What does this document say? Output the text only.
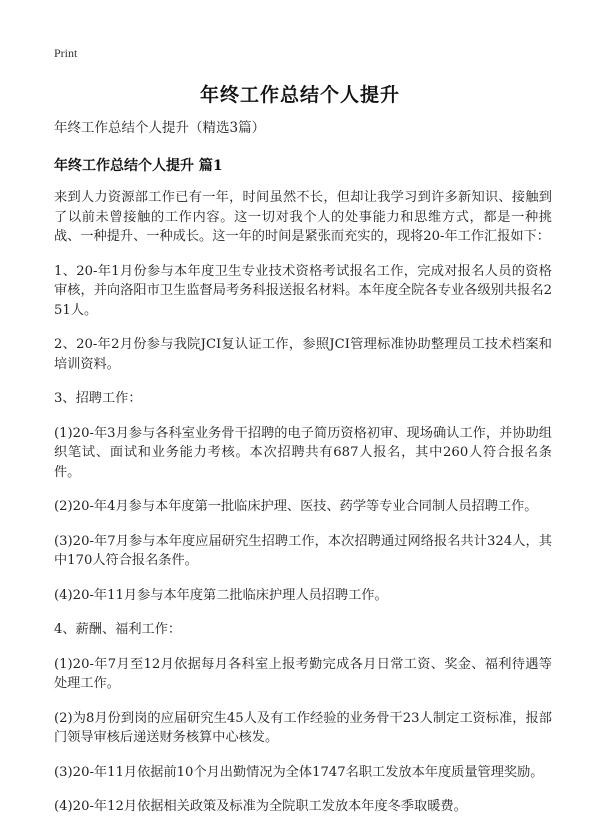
Print
年终工作总结个人提升
年终工作总结个人提升（精选3篇）
年终工作总结个人提升 篇1

来到人力资源部工作已有一年，时间虽然不长，但却让我学习到许多新知识、接触到了以前未曾接触的工作内容。这一切对我个人的处事能力和思维方式，都是一种挑战、一种提升、一种成长。这一年的时间是紧张而充实的，现将20-年工作汇报如下：

1、20-年1月份参与本年度卫生专业技术资格考试报名工作，完成对报名人员的资格审核，并向洛阳市卫生监督局考务科报送报名材料。本年度全院各专业各级别共报名251人。

2、20-年2月份参与我院JCI复认证工作，参照JCI管理标准协助整理员工技术档案和培训资料。

3、招聘工作：

(1)20-年3月参与各科室业务骨干招聘的电子简历资格初审、现场确认工作，并协助组织笔试、面试和业务能力考核。本次招聘共有687人报名，其中260人符合报名条件。

(2)20-年4月参与本年度第一批临床护理、医技、药学等专业合同制人员招聘工作。

(3)20-年7月参与本年度应届研究生招聘工作，本次招聘通过网络报名共计324人，其中170人符合报名条件。

(4)20-年11月参与本年度第二批临床护理人员招聘工作。

4、薪酬、福利工作：

(1)20-年7月至12月依据每月各科室上报考勤完成各月日常工资、奖金、福利待遇等处理工作。

(2)为8月份到岗的应届研究生45人及有工作经验的业务骨干23人制定工资标准，报部门领导审核后递送财务核算中心核发。

(3)20-年11月依据前10个月出勤情况为全体1747名职工发放本年度质量管理奖励。

(4)20-年12月依据相关政策及标准为全院职工发放本年度冬季取暖费。
